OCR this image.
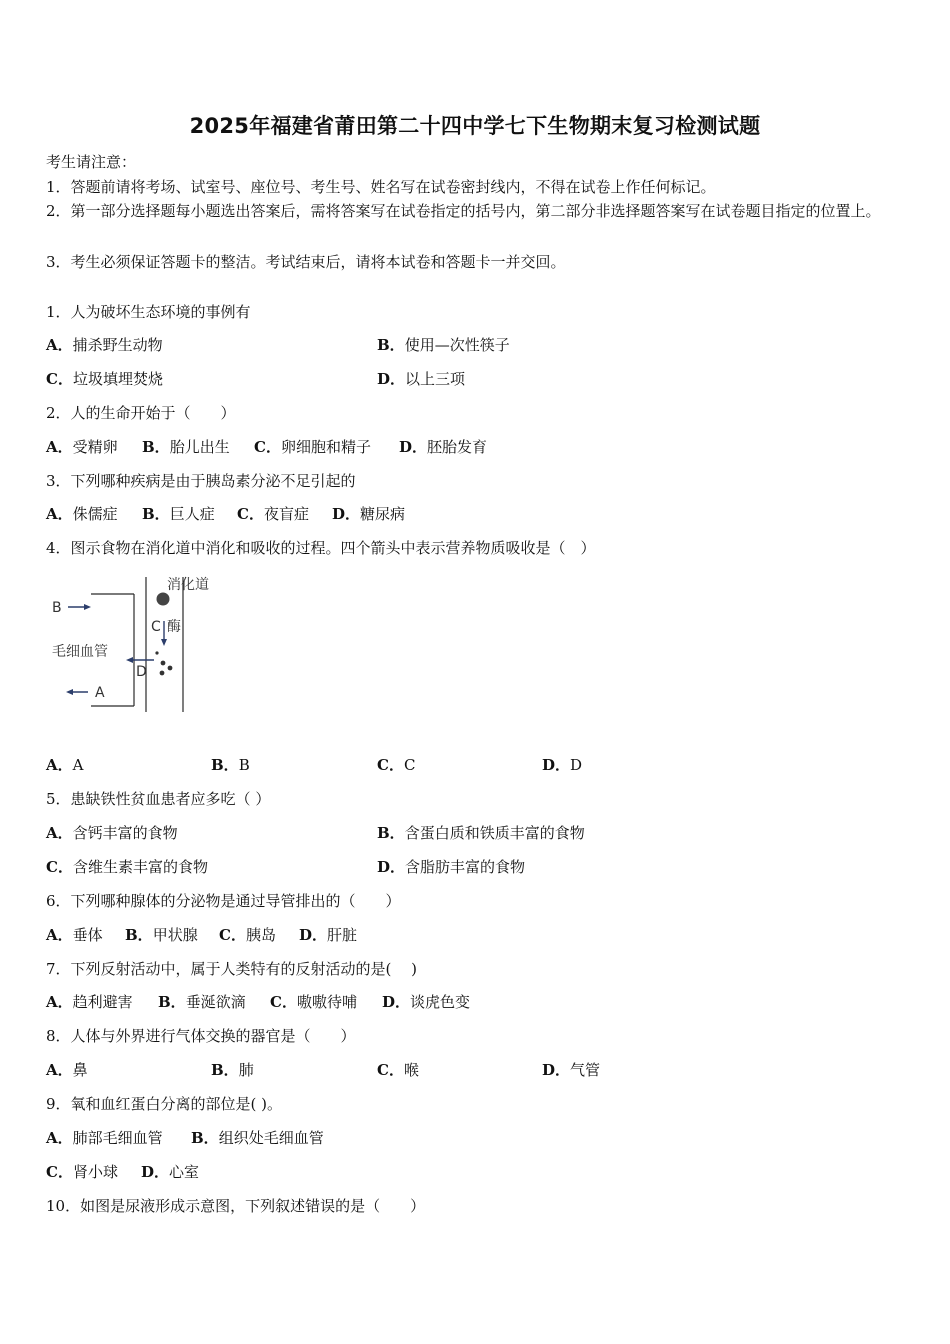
2025年福建省莆田第二十四中学七下生物期末复习检测试题
考生请注意：
1．答题前请将考场、试室号、座位号、考生号、姓名写在试卷密封线内，不得在试卷上作任何标记。
2．第一部分选择题每小题选出答案后，需将答案写在试卷指定的括号内，第二部分非选择题答案写在试卷题目指定的位置上。
3．考生必须保证答题卡的整洁。考试结束后，请将本试卷和答题卡一并交回。
1．人为破坏生态环境的事例有
A．捕杀野生动物	B．使用—次性筷子
C．垃圾填埋焚烧	D．以上三项
2．人的生命开始于（　　）
A．受精卵 B．胎儿出生 C．卵细胞和精子 D．胚胎发育
3．下列哪种疾病是由于胰岛素分泌不足引起的
A．侏儒症 B．巨人症 C．夜盲症 D．糖尿病
4．图示食物在消化道中消化和吸收的过程。四个箭头中表示营养物质吸收是（　）
消化道
B
C 酶
毛细血管
D
A
A．A	B．B	C．C	D．D
5．患缺铁性贫血患者应多吃（ ）
A．含钙丰富的食物	B．含蛋白质和铁质丰富的食物
C．含维生素丰富的食物	D．含脂肪丰富的食物
6．下列哪种腺体的分泌物是通过导管排出的（　　）
A．垂体 B．甲状腺 C．胰岛 D．肝脏
7．下列反射活动中，属于人类特有的反射活动的是(　 )
A．趋利避害 B．垂涎欲滴 C．嗷嗷待哺 D．谈虎色变
8．人体与外界进行气体交换的器官是（　　）
A．鼻	B．肺	C．喉	D．气管
9．氧和血红蛋白分离的部位是( )。
A．肺部毛细血管 B．组织处毛细血管
C．肾小球 D．心室
10．如图是尿液形成示意图，下列叙述错误的是（　　）
